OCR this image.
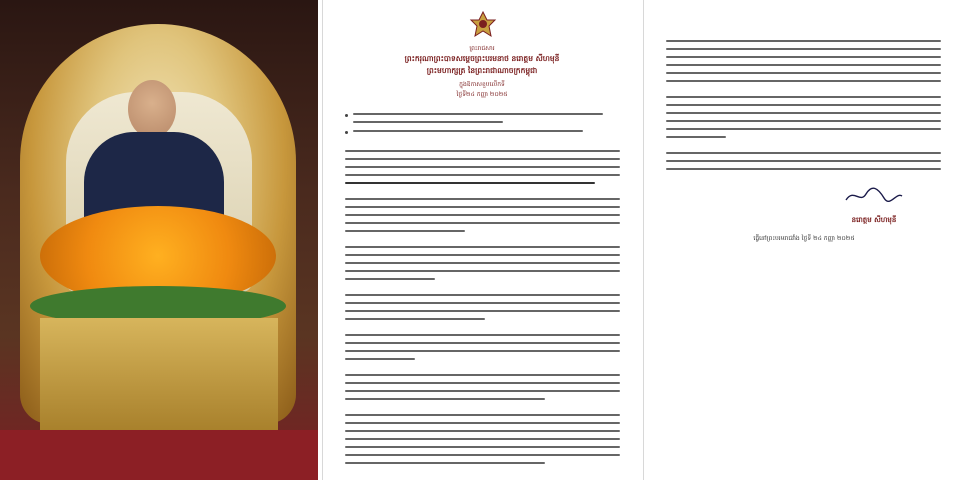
ព្រះរាជសារ
ព្រះករុណាព្រះបាទសម្ដេចព្រះបរមនាថ នរោត្តម សីហមុនី
ព្រះមហាក្សត្រ នៃព្រះរាជាណាចក្រកម្ពុជា
ក្នុងឱកាសខួបលើកទី
ថ្ងៃទី២៤ កញ្ញា ២០២៥
នរោត្តម សីហមុនី
ធ្វើនៅព្រះបរមរាជវាំង ថ្ងៃទី ២៤ កញ្ញា ២០២៥
